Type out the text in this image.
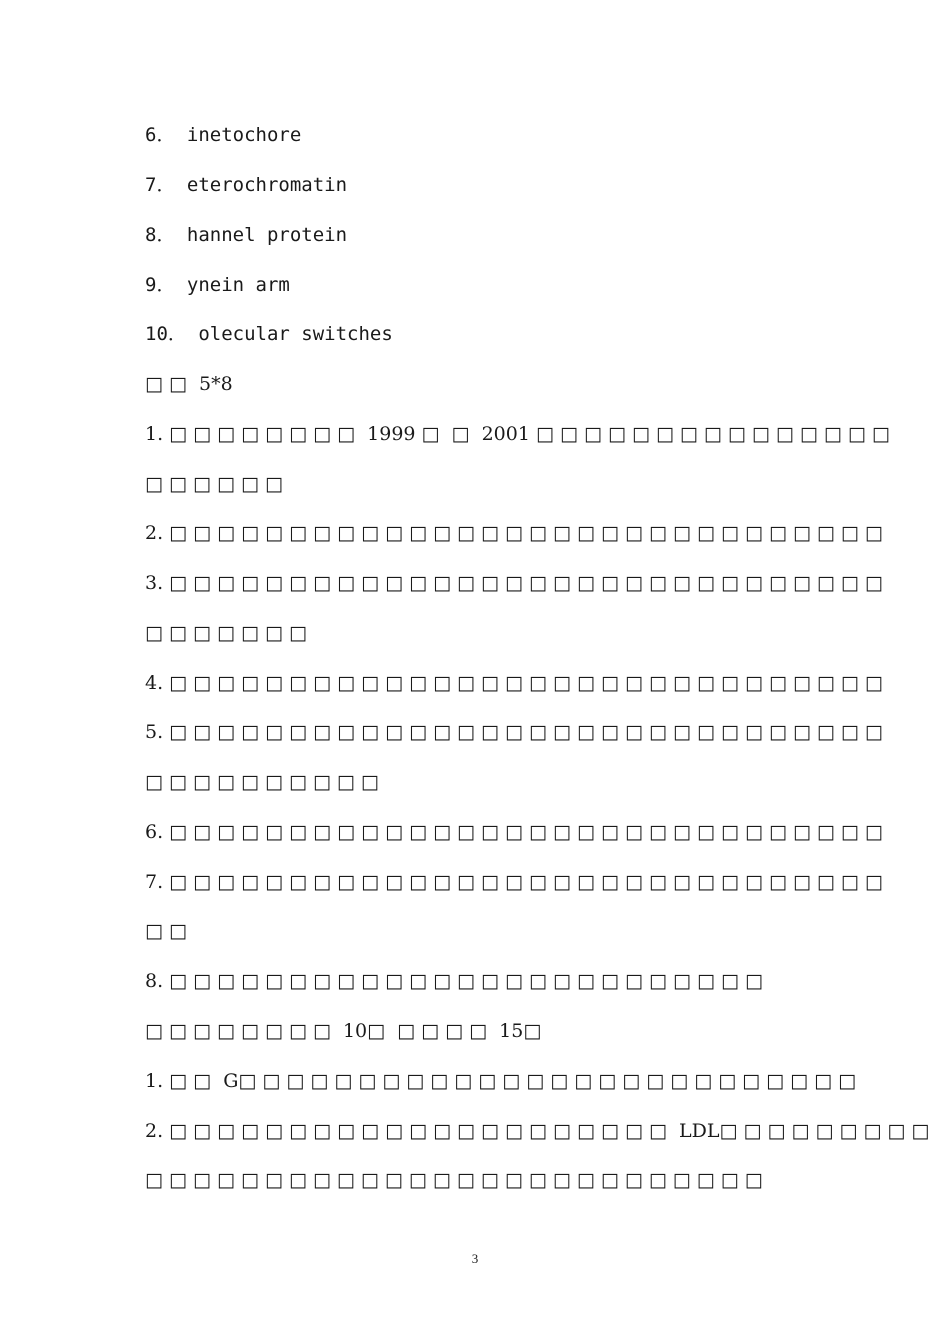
6． inetochore
7． eterochromatin
8． hannel protein
9． ynein arm
10． olecular switches
□ □  5*8
1. □ □ □ □ □ □ □ □  1999 □  □  2001 □ □ □ □ □ □ □ □ □ □ □ □ □ □ □
□ □ □ □ □ □
2. □ □ □ □ □ □ □ □ □ □ □ □ □ □ □ □ □ □ □ □ □ □ □ □ □ □ □ □ □ □
3. □ □ □ □ □ □ □ □ □ □ □ □ □ □ □ □ □ □ □ □ □ □ □ □ □ □ □ □ □ □
□ □ □ □ □ □ □
4. □ □ □ □ □ □ □ □ □ □ □ □ □ □ □ □ □ □ □ □ □ □ □ □ □ □ □ □ □ □
5. □ □ □ □ □ □ □ □ □ □ □ □ □ □ □ □ □ □ □ □ □ □ □ □ □ □ □ □ □ □
□ □ □ □ □ □ □ □ □ □
6. □ □ □ □ □ □ □ □ □ □ □ □ □ □ □ □ □ □ □ □ □ □ □ □ □ □ □ □ □ □
7. □ □ □ □ □ □ □ □ □ □ □ □ □ □ □ □ □ □ □ □ □ □ □ □ □ □ □ □ □ □
□ □
8. □ □ □ □ □ □ □ □ □ □ □ □ □ □ □ □ □ □ □ □ □ □ □ □ □
□ □ □ □ □ □ □ □  10□  □ □ □ □  15□
1. □ □  G□ □ □ □ □ □ □ □ □ □ □ □ □ □ □ □ □ □ □ □ □ □ □ □ □ □
2. □ □ □ □ □ □ □ □ □ □ □ □ □ □ □ □ □ □ □ □ □  LDL□ □ □ □ □ □ □ □ □
□ □ □ □ □ □ □ □ □ □ □ □ □ □ □ □ □ □ □ □ □ □ □ □ □ □
3
